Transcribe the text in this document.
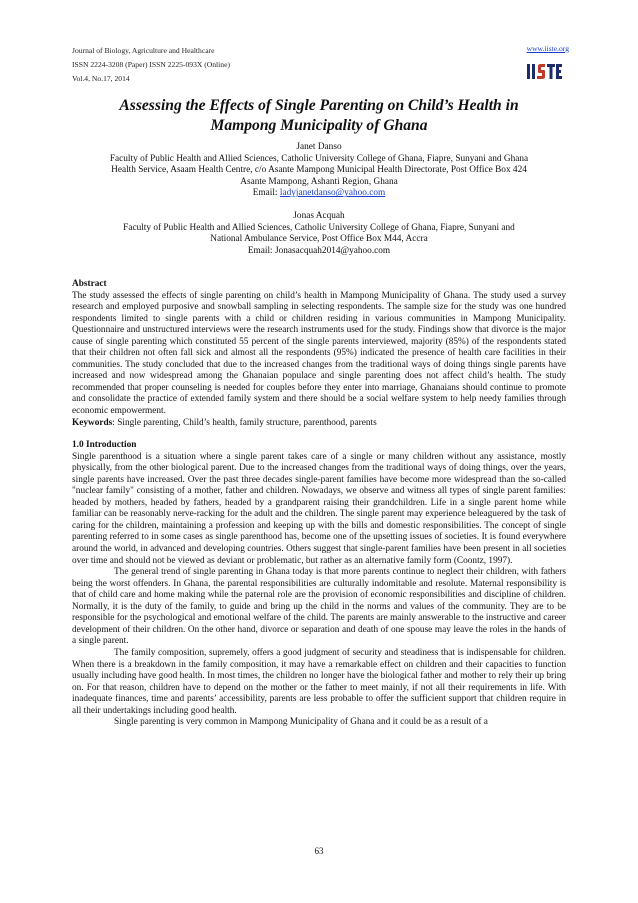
Journal of Biology, Agriculture and Healthcare
ISSN 2224-3208 (Paper) ISSN 2225-093X (Online)
Vol.4, No.17, 2014
www.iiste.org
Assessing the Effects of Single Parenting on Child’s Health in
Mampong Municipality of Ghana
Janet Danso
Faculty of Public Health and Allied Sciences, Catholic University College of Ghana, Fiapre, Sunyani and Ghana
Health Service, Asaam Health Centre, c/o Asante Mampong Municipal Health Directorate, Post Office Box 424
Asante Mampong, Ashanti Region, Ghana
Email: ladyjanetdanso@yahoo.com
Jonas Acquah
Faculty of Public Health and Allied Sciences, Catholic University College of Ghana, Fiapre, Sunyani and
National Ambulance Service, Post Office Box M44, Accra
Email: Jonasacquah2014@yahoo.com

Abstract

The study assessed the effects of single parenting on child’s health in Mampong Municipality of Ghana. The study used a survey research and employed purposive and snowball sampling in selecting respondents. The sample size for the study was one hundred respondents limited to single parents with a child or children residing in various communities in Mampong Municipality. Questionnaire and unstructured interviews were the research instruments used for the study. Findings show that divorce is the major cause of single parenting which constituted 55 percent of the single parents interviewed, majority (85%) of the respondents stated that their children not often fall sick and almost all the respondents (95%) indicated the presence of health care facilities in their communities. The study concluded that due to the increased changes from the traditional ways of doing things single parents have increased and now widespread among the Ghanaian populace and single parenting does not affect child’s health. The study recommended that proper counseling is needed for couples before they enter into marriage, Ghanaians should continue to promote and consolidate the practice of extended family system and there should be a social welfare system to help needy families through economic empowerment.

Keywords: Single parenting, Child’s health, family structure, parenthood, parents

1.0 Introduction

Single parenthood is a situation where a single parent takes care of a single or many children without any assistance, mostly physically, from the other biological parent. Due to the increased changes from the traditional ways of doing things, over the years, single parents have increased. Over the past three decades single-parent families have become more widespread than the so-called "nuclear family" consisting of a mother, father and children. Nowadays, we observe and witness all types of single parent families: headed by mothers, headed by fathers, headed by a grandparent raising their grandchildren. Life in a single parent home while familiar can be reasonably nerve-racking for the adult and the children. The single parent may experience beleaguered by the task of caring for the children, maintaining a profession and keeping up with the bills and domestic responsibilities. The concept of single parenting referred to in some cases as single parenthood has, become one of the upsetting issues of societies. It is found everywhere around the world, in advanced and developing countries. Others suggest that single-parent families have been present in all societies over time and should not be viewed as deviant or problematic, but rather as an alternative family form (Coontz, 1997).

The general trend of single parenting in Ghana today is that more parents continue to neglect their children, with fathers being the worst offenders. In Ghana, the parental responsibilities are culturally indomitable and resolute. Maternal responsibility is that of child care and home making while the paternal role are the provision of economic responsibilities and discipline of children. Normally, it is the duty of the family, to guide and bring up the child in the norms and values of the community. They are to be responsible for the psychological and emotional welfare of the child. The parents are mainly answerable to the instructive and career development of their children. On the other hand, divorce or separation and death of one spouse may leave the roles in the hands of a single parent.

The family composition, supremely, offers a good judgment of security and steadiness that is indispensable for children. When there is a breakdown in the family composition, it may have a remarkable effect on children and their capacities to function usually including have good health. In most times, the children no longer have the biological father and mother to rely their up bring on. For that reason, children have to depend on the mother or the father to meet mainly, if not all their requirements in life. With inadequate finances, time and parents’ accessibility, parents are less probable to offer the sufficient support that children require in all their undertakings including good health.

Single parenting is very common in Mampong Municipality of Ghana and it could be as a result of a

63
